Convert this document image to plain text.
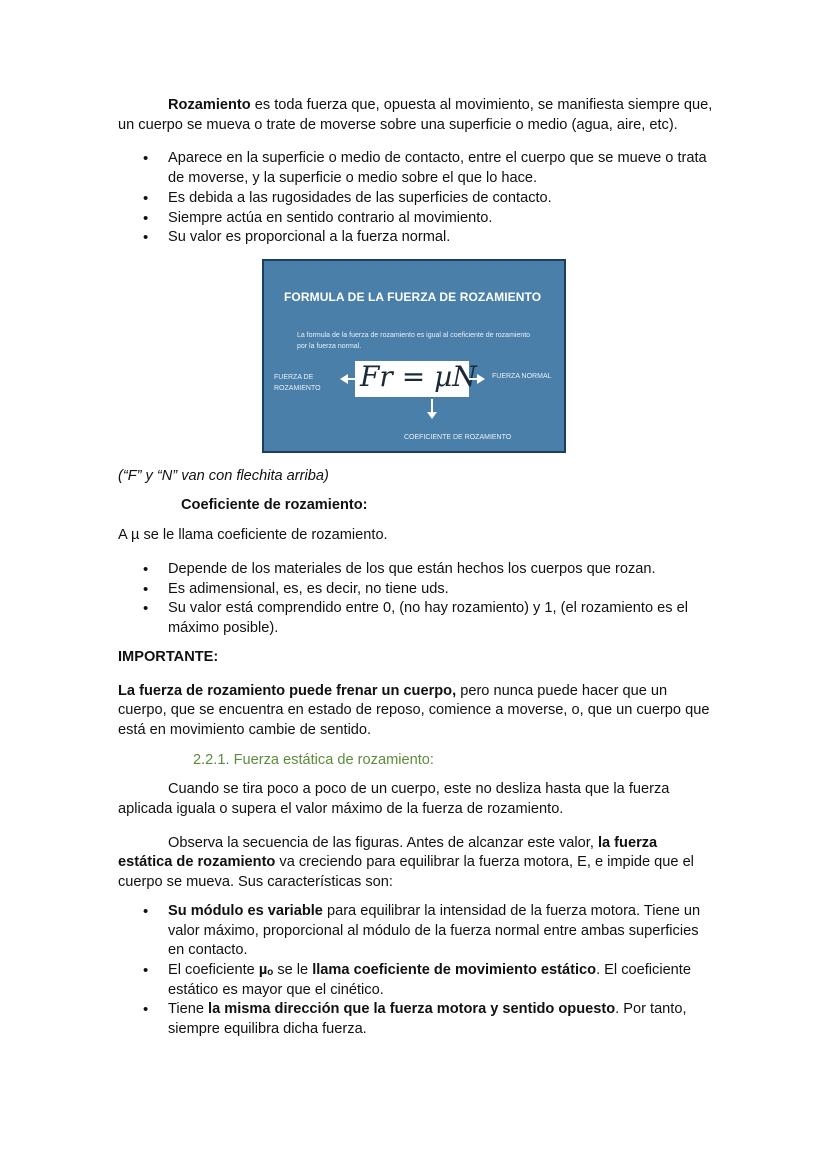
Rozamiento es toda fuerza que, opuesta al movimiento, se manifiesta siempre que, un cuerpo se mueva o trate de moverse sobre una superficie o medio (agua, aire, etc).

• Aparece en la superficie o medio de contacto, entre el cuerpo que se mueve o trata de moverse, y la superficie o medio sobre el que lo hace.
• Es debida a las rugosidades de las superficies de contacto.
• Siempre actúa en sentido contrario al movimiento.
• Su valor es proporcional a la fuerza normal.
FORMULA DE LA FUERZA DE ROZAMIENTO
La formula de la fuerza de rozamiento es igual al coeficiente de rozamiento por la fuerza normal.
FUERZA DE ROZAMIENTO
FUERZA NORMAL
Fr = µN
COEFICIENTE DE ROZAMIENTO

(“F” y “N” van con flechita arriba)

Coeficiente de rozamiento:

A µ se le llama coeficiente de rozamiento.

• Depende de los materiales de los que están hechos los cuerpos que rozan.
• Es adimensional, es, es decir, no tiene uds.
• Su valor está comprendido entre 0, (no hay rozamiento) y 1, (el rozamiento es el máximo posible).

IMPORTANTE:

La fuerza de rozamiento puede frenar un cuerpo, pero nunca puede hacer que un cuerpo, que se encuentra en estado de reposo, comience a moverse, o, que un cuerpo que está en movimiento cambie de sentido.

2.2.1. Fuerza estática de rozamiento:

Cuando se tira poco a poco de un cuerpo, este no desliza hasta que la fuerza aplicada iguala o supera el valor máximo de la fuerza de rozamiento.

Observa la secuencia de las figuras. Antes de alcanzar este valor, la fuerza estática de rozamiento va creciendo para equilibrar la fuerza motora, E, e impide que el cuerpo se mueva. Sus características son:

• Su módulo es variable para equilibrar la intensidad de la fuerza motora. Tiene un valor máximo, proporcional al módulo de la fuerza normal entre ambas superficies en contacto.
• El coeficiente µₒ se le llama coeficiente de movimiento estático. El coeficiente estático es mayor que el cinético.
• Tiene la misma dirección que la fuerza motora y sentido opuesto. Por tanto, siempre equilibra dicha fuerza.
